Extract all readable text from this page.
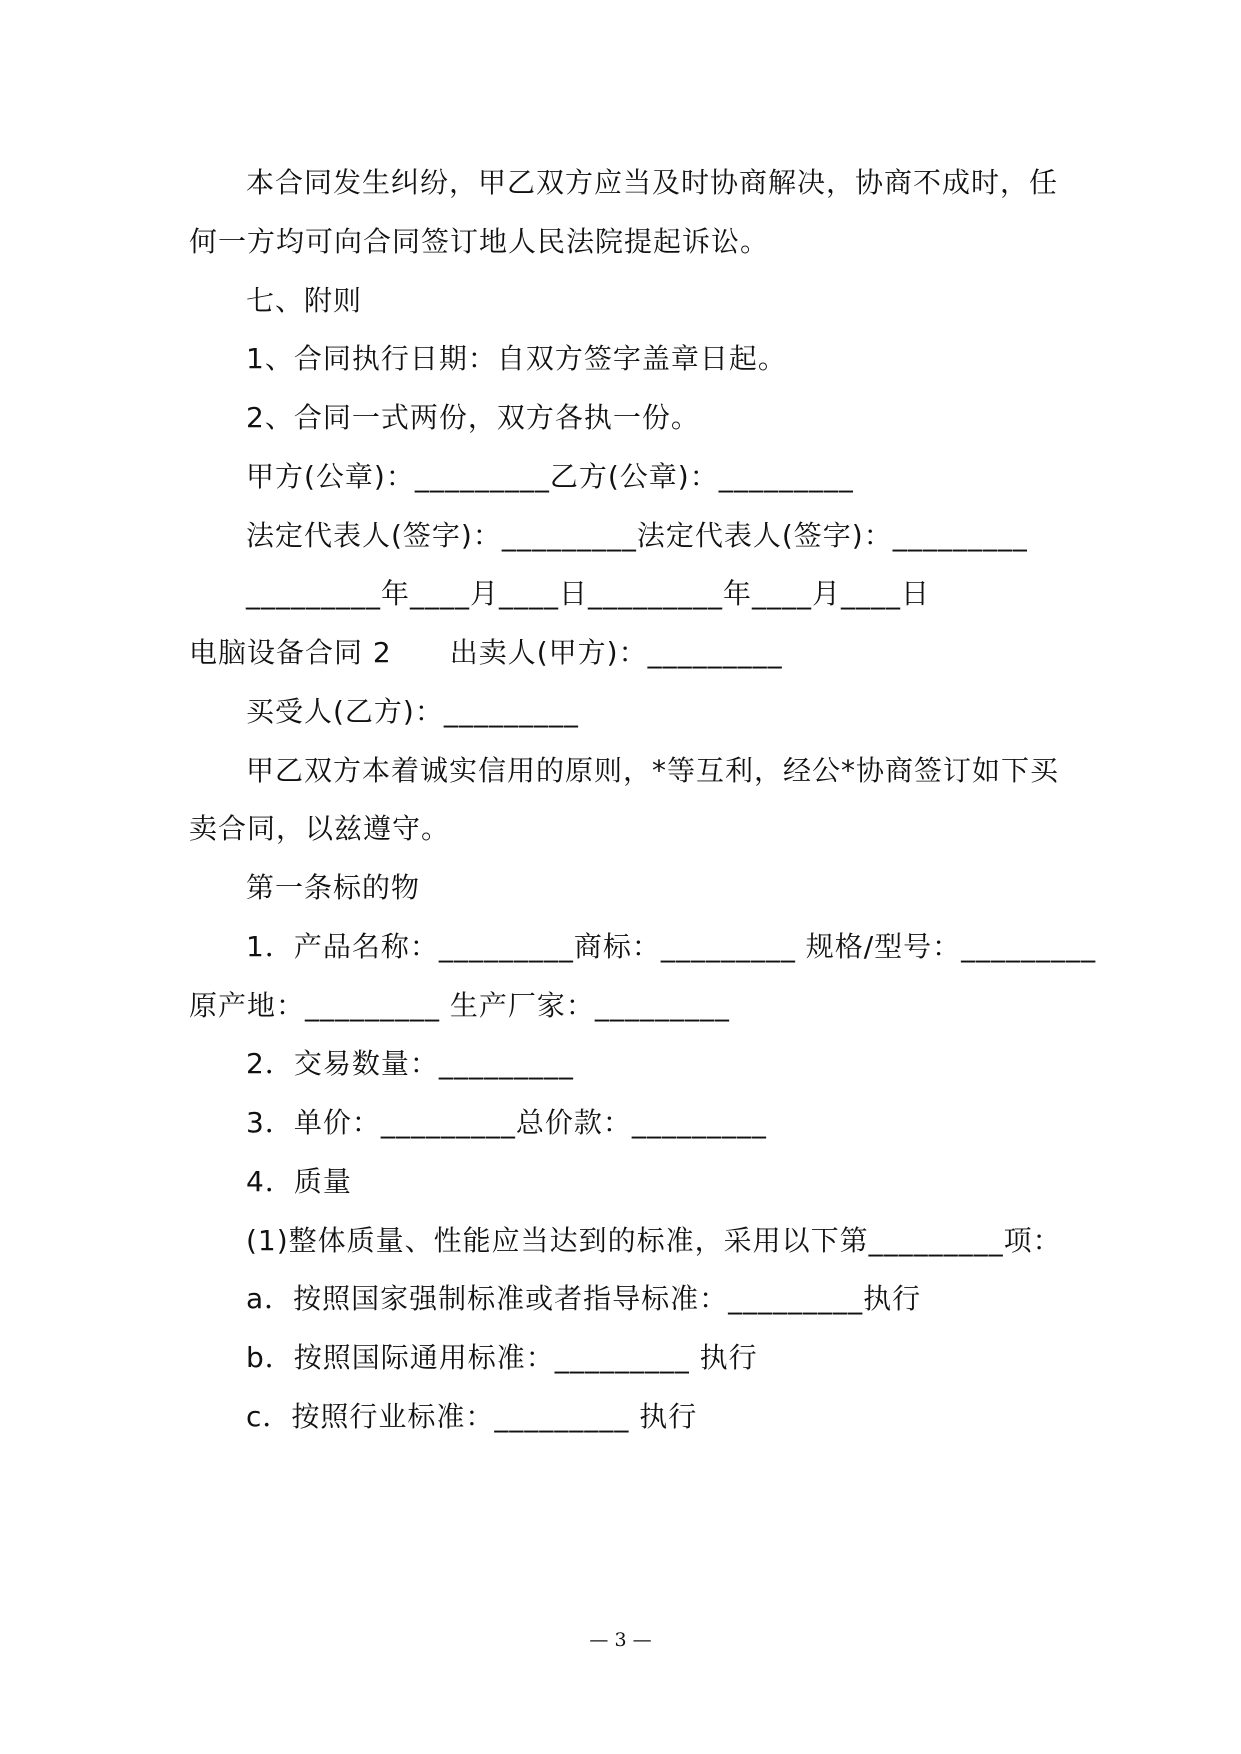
本合同发生纠纷，甲乙双方应当及时协商解决，协商不成时，任
何一方均可向合同签订地人民法院提起诉讼。
七、附则
1、合同执行日期：自双方签字盖章日起。
2、合同一式两份，双方各执一份。
甲方(公章)：_________乙方(公章)：_________
法定代表人(签字)：_________法定代表人(签字)：_________
_________年____月____日_________年____月____日
电脑设备合同 2　　出卖人(甲方)：_________
买受人(乙方)：_________
甲乙双方本着诚实信用的原则，*等互利，经公*协商签订如下买
卖合同，以兹遵守。
第一条标的物
1．产品名称：_________商标：_________ 规格/型号：_________
原产地：_________ 生产厂家：_________
2．交易数量：_________
3．单价：_________总价款：_________
4．质量
(1)整体质量、性能应当达到的标准，采用以下第_________项：
a．按照国家强制标准或者指导标准：_________执行
b．按照国际通用标准：_________ 执行
c．按照行业标准：_________ 执行
— 3 —
